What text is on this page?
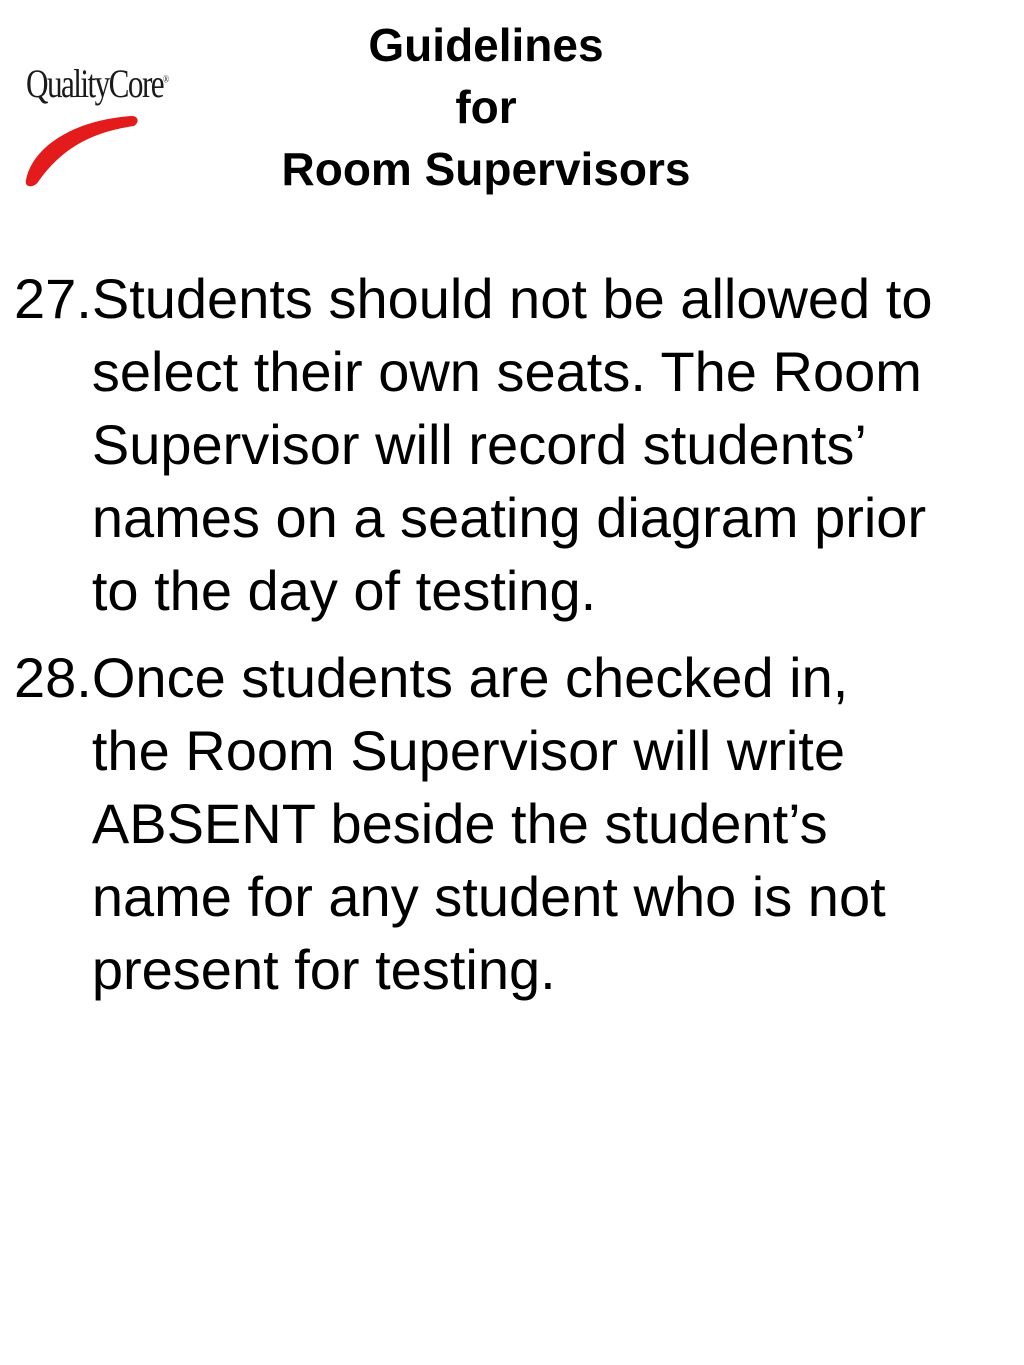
QualityCore®
Guidelines
for
Room Supervisors
27. Students should not be allowed to
select their own seats. The Room
Supervisor will record students’
names on a seating diagram prior
to the day of testing.
28. Once students are checked in,
the Room Supervisor will write
ABSENT beside the student’s
name for any student who is not
present for testing.
